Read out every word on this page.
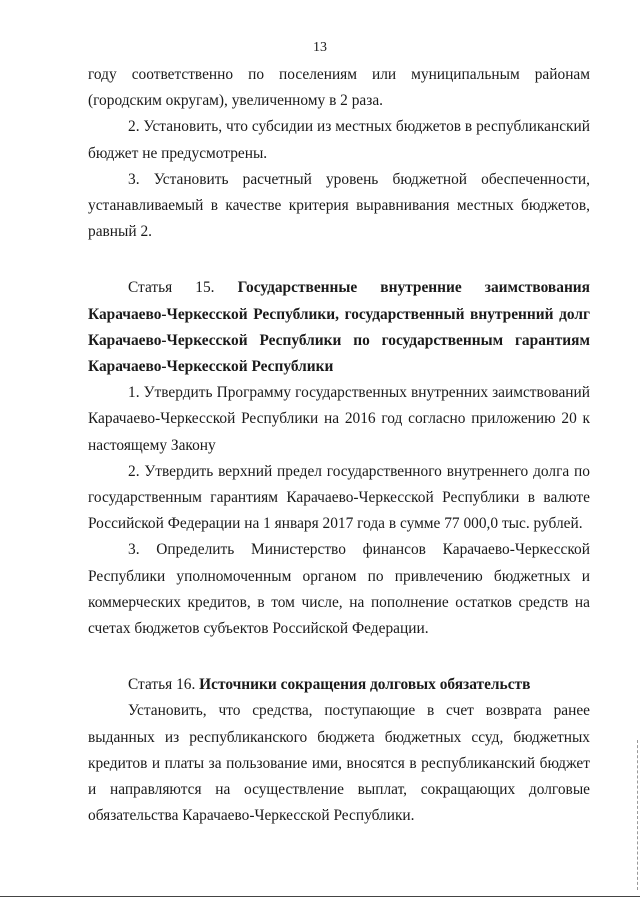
13

году соответственно по поселениям или муниципальным районам (городским округам), увеличенному в 2 раза.

2. Установить, что субсидии из местных бюджетов в республиканский бюджет не предусмотрены.

3. Установить расчетный уровень бюджетной обеспеченности, устанавливаемый в качестве критерия выравнивания местных бюджетов, равный 2.

Статья 15. Государственные внутренние заимствования Карачаево-Черкесской Республики, государственный внутренний долг Карачаево-Черкесской Республики по государственным гарантиям Карачаево-Черкесской Республики

1. Утвердить Программу государственных внутренних заимствований Карачаево-Черкесской Республики на 2016 год согласно приложению 20 к настоящему Закону

2. Утвердить верхний предел государственного внутреннего долга по государственным гарантиям Карачаево-Черкесской Республики в валюте Российской Федерации на 1 января 2017 года в сумме 77 000,0 тыс. рублей.

3. Определить Министерство финансов Карачаево-Черкесской Республики уполномоченным органом по привлечению бюджетных и коммерческих кредитов, в том числе, на пополнение остатков средств на счетах бюджетов субъектов Российской Федерации.

Статья 16. Источники сокращения долговых обязательств

Установить, что средства, поступающие в счет возврата ранее выданных из республиканского бюджета бюджетных ссуд, бюджетных кредитов и платы за пользование ими, вносятся в республиканский бюджет и направляются на осуществление выплат, сокращающих долговые обязательства Карачаево-Черкесской Республики.
